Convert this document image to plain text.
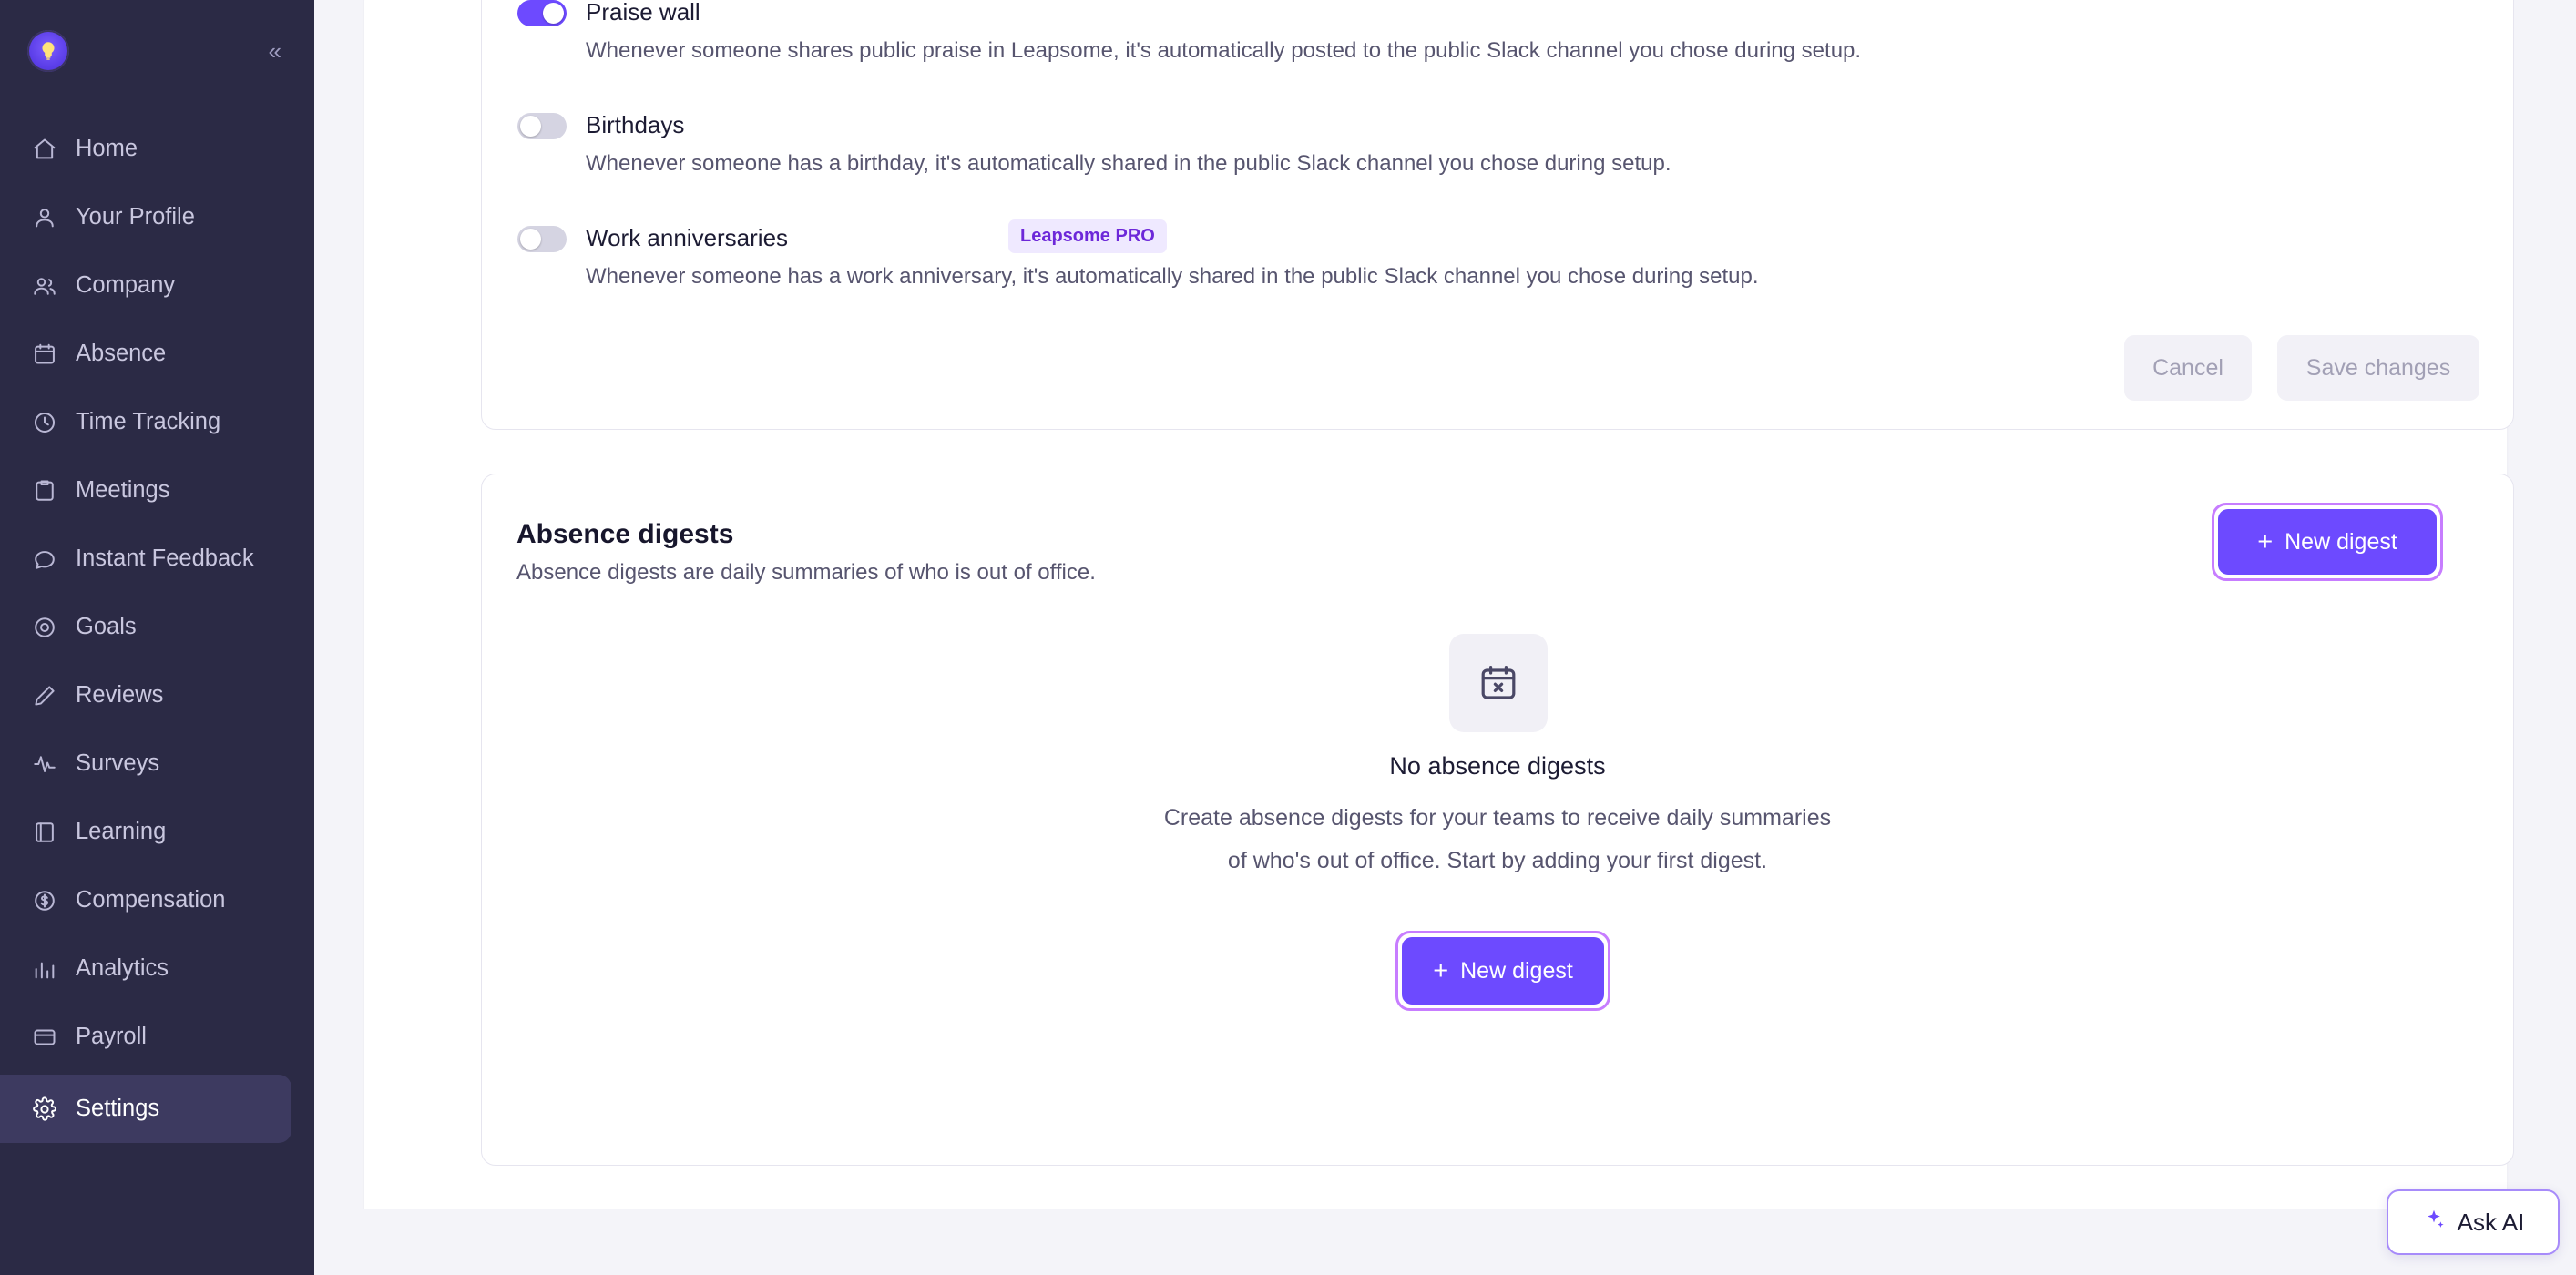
«
Home
Your Profile
Company
Absence
Time Tracking
Meetings
Instant Feedback
Goals
Reviews
Surveys
Learning
Compensation
Analytics
Payroll
Settings
Praise wall
Whenever someone shares public praise in Leapsome, it's automatically posted to the public Slack channel you chose during setup.
Birthdays
Whenever someone has a birthday, it's automatically shared in the public Slack channel you chose during setup.
Work anniversaries	Leapsome PRO
Whenever someone has a work anniversary, it's automatically shared in the public Slack channel you chose during setup.
Cancel	Save changes
Absence digests
Absence digests are daily summaries of who is out of office.
+ New digest
No absence digests
Create absence digests for your teams to receive daily summaries
of who's out of office. Start by adding your first digest.
+ New digest
Ask AI
